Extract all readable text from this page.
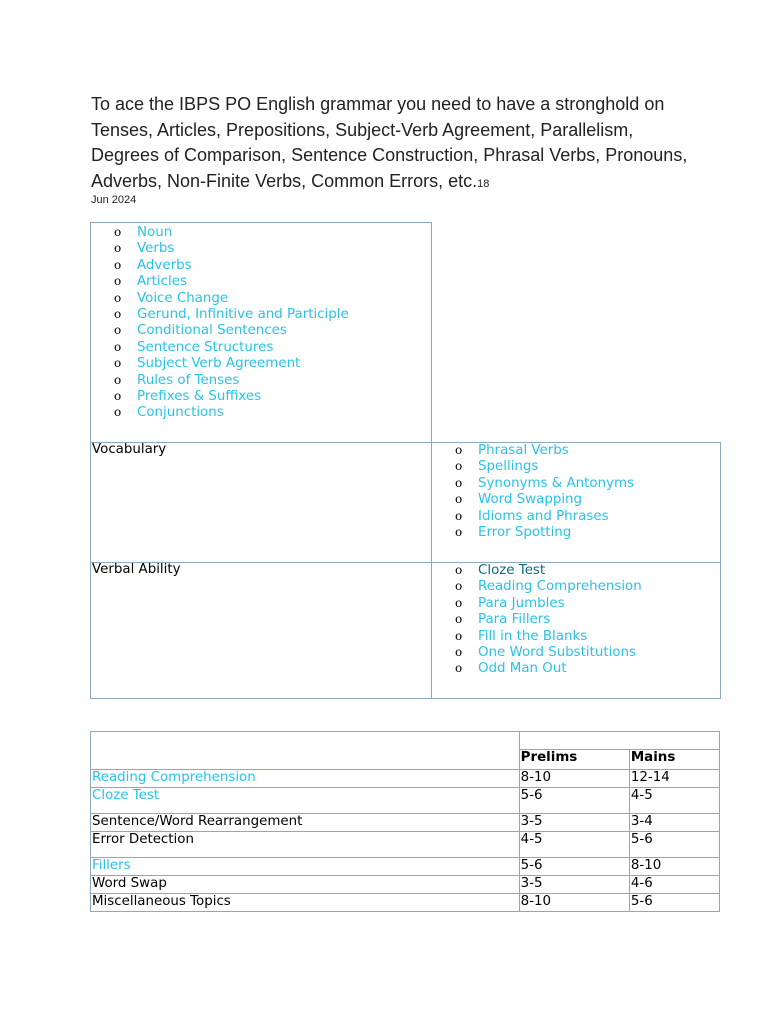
To ace the IBPS PO English grammar you need to have a stronghold on Tenses, Articles, Prepositions, Subject-Verb Agreement, Parallelism, Degrees of Comparison, Sentence Construction, Phrasal Verbs, Pronouns, Adverbs, Non-Finite Verbs, Common Errors, etc.18
Jun 2024
o Noun
o Verbs
o Adverbs
o Articles
o Voice Change
o Gerund, Infinitive and Participle
o Conditional Sentences
o Sentence Structures
o Subject Verb Agreement
o Rules of Tenses
o Prefixes & Suffixes
o Conjunctions
Vocabulary	o Phrasal Verbs
o Spellings
o Synonyms & Antonyms
o Word Swapping
o Idioms and Phrases
o Error Spotting
Verbal Ability	o Cloze Test
o Reading Comprehension
o Para Jumbles
o Para Fillers
o Fill in the Blanks
o One Word Substitutions
o Odd Man Out

	Prelims	Mains
Reading Comprehension	8-10	12-14
Cloze Test	5-6	4-5
Sentence/Word Rearrangement	3-5	3-4
Error Detection	4-5	5-6
Fillers	5-6	8-10
Word Swap	3-5	4-6
Miscellaneous Topics	8-10	5-6
